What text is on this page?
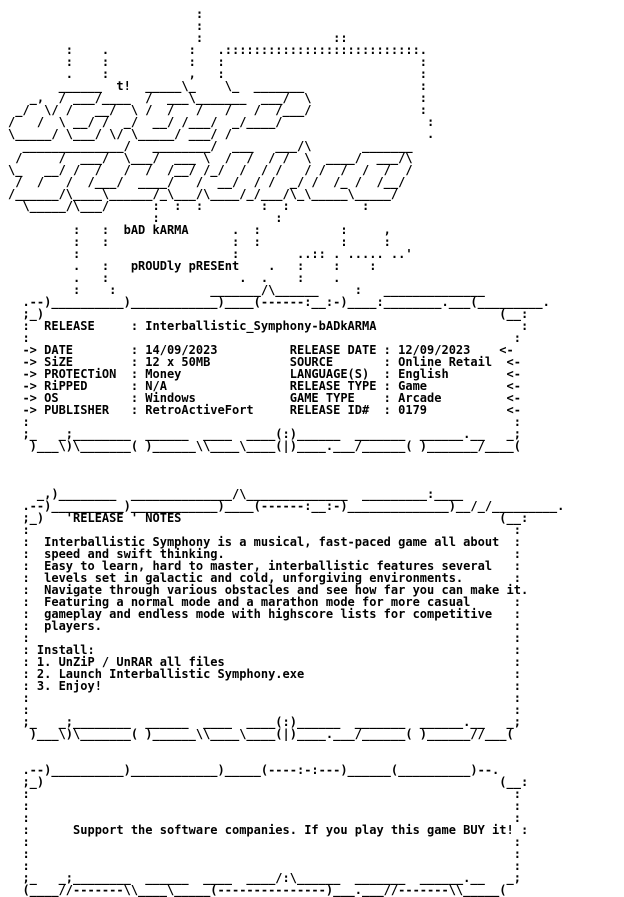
:
:
:                  ::
:    .           :   .:::::::::::::::::::::::::::.
:    :           :   :                           :
.    :           ,   :                           :
______  t!  _____\_    \_  _______                :
_,  / ___/____  /  ___\_______  ___/  \               :
_/  \/ /   __/  \ /  /   /   /   /  /___/               :
/   /  \ __/ /  _/  __/ /___/  _/____/                    :
\_____/ \___/ \/ \_____/ ___/ /                           .
______________/   ________/  ___   ___/\       _______
/     /  ___/  \___/  ___ \  /  /  / /  \  ____/  ___/\
\_   __/ /  /   /  /  /__/ /_/  /  / /   / /  /  /  /  /
/  /   /  /___/  ____/   /  __/  / /  _/ /  /_ /  /__/
/______/\____\______/_\___/\____/_/___/\_\_____\_____/
\_____/\___/      :  :  :        :  :          :
:                :
:   :  bAD kARMA      .  :           :     ,
:   :                 :  :           :     :
:                     :        ..:: . ..... ..'
.   :   pROUDly pRESEnt    .   :    :    :
.   :                  .  .    :    .
:    :             _______/\______     :   ______________
.--)__________)____________)____(------:__:-)____:________.___(_________.
;_)                                                               (__:
:  RELEASE     : Interballistic_Symphony-bADkARMA                    :
:                                                                   :
-> DATE        : 14/09/2023          RELEASE DATE : 12/09/2023    <-
-> SiZE        : 12 x 50MB           SOURCE       : Online Retail  <-
-> PROTECTiON  : Money               LANGUAGE(S)  : English        <-
-> RiPPED      : N/A                 RELEASE TYPE : Game           <-
-> OS          : Windows             GAME TYPE    : Arcade         <-
-> PUBLISHER   : RetroActiveFort     RELEASE ID#  : 0179           <-
:                                                                   :
;_   _;________  ______  ____  ____(:)______  _______  ______.__   _;
)___\)\_______( )______\\____\____(|)____.___/______( )_______/____(
_,)________  ______________/\______________  _________:____
.--)__________)____________)____(------:__:-)______________)__/_/_________.
;_)   'RELEASE ' NOTES                                            (__:
:                                                                   :
:  Interballistic Symphony is a musical, fast-paced game all about  :
:  speed and swift thinking.                                        :
:  Easy to learn, hard to master, interballistic features several   :
:  levels set in galactic and cold, unforgiving environments.       :
:  Navigate through various obstacles and see how far you can make it.
:  Featuring a normal mode and a marathon mode for more casual      :
:  gameplay and endless mode with highscore lists for competitive   :
:  players.                                                         :
:                                                                   :
: Install:                                                          :
: 1. UnZiP / UnRAR all files                                        :
: 2. Launch Interballistic Symphony.exe                             :
: 3. Enjoy!                                                         :
:                                                                   :
:                                                                   :
;_   _;________  ______  ____  ____(:)______  _______  ______.__   _;
)___\)\_______( )______\\____\____(|)____.___/______( )______//___(
.--)__________)____________)_____(----:-:---)______(__________)--.
;_)                                                               (__:
:                                                                   :
:                                                                   :
:                                                                   :
:      Support the software companies. If you play this game BUY it! :
:                                                                   :
:                                                                   :
:                                                                   :
;_   _;________  ______  ____  ____/:\______  _______  ______.__   _;
(____//-------\\____\_____(---------------)___.___//-------\\_____(
